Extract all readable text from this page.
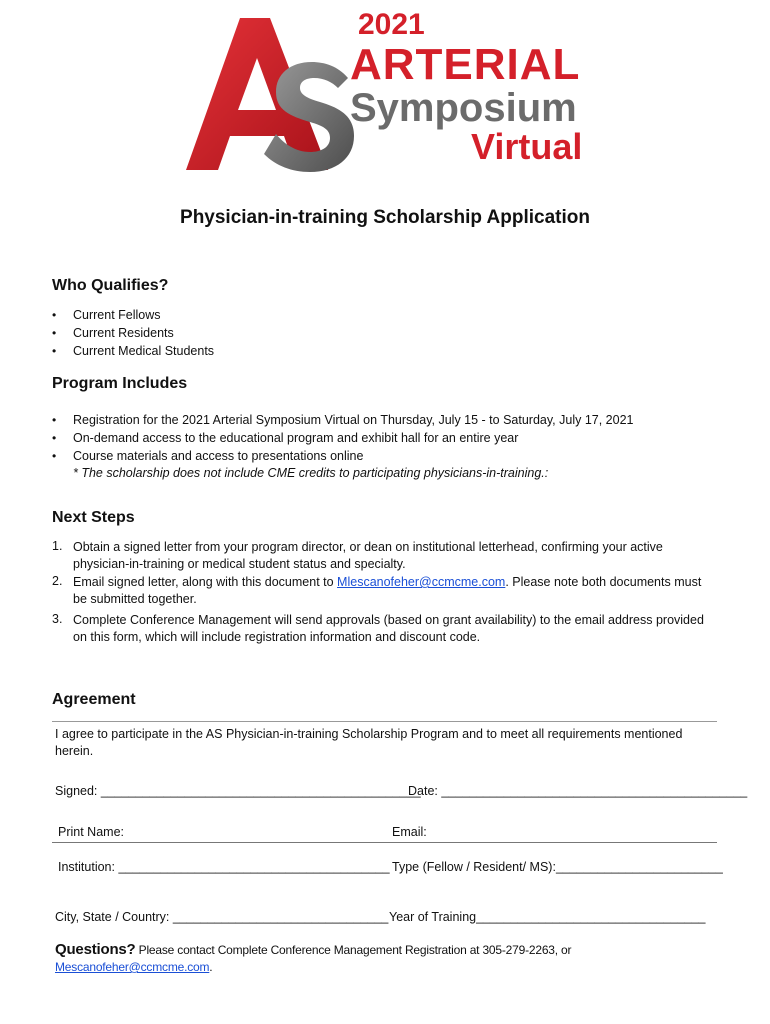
2021
ARTERIAL
Symposium
Virtual
Physician-in-training Scholarship Application
Who Qualifies?
• Current Fellows
• Current Residents
• Current Medical Students
Program Includes
• Registration for the 2021 Arterial Symposium Virtual on Thursday, July 15 - to Saturday, July 17, 2021
• On-demand access to the educational program and exhibit hall for an entire year
• Course materials and access to presentations online
* The scholarship does not include CME credits to participating physicians-in-training.:
Next Steps
1. Obtain a signed letter from your program director, or dean on institutional letterhead, confirming your active
physician-in-training or medical student status and specialty.
2. Email signed letter, along with this document to Mlescanofeher@ccmcme.com. Please note both documents must
be submitted together.
3. Complete Conference Management will send approvals (based on grant availability) to the email address provided
on this form, which will include registration information and discount code.
Agreement
I agree to participate in the AS Physician-in-training Scholarship Program and to meet all requirements mentioned
herein.
Signed: ______________________________________________
Date: ____________________________________________
Print Name:	Email:
Institution: _______________________________________ Type (Fellow / Resident/ MS):________________________
City, State / Country: _______________________________ Year of Training_________________________________
Questions? Please contact Complete Conference Management Registration at 305-279-2263, or
Mescanofeher@ccmcme.com.
